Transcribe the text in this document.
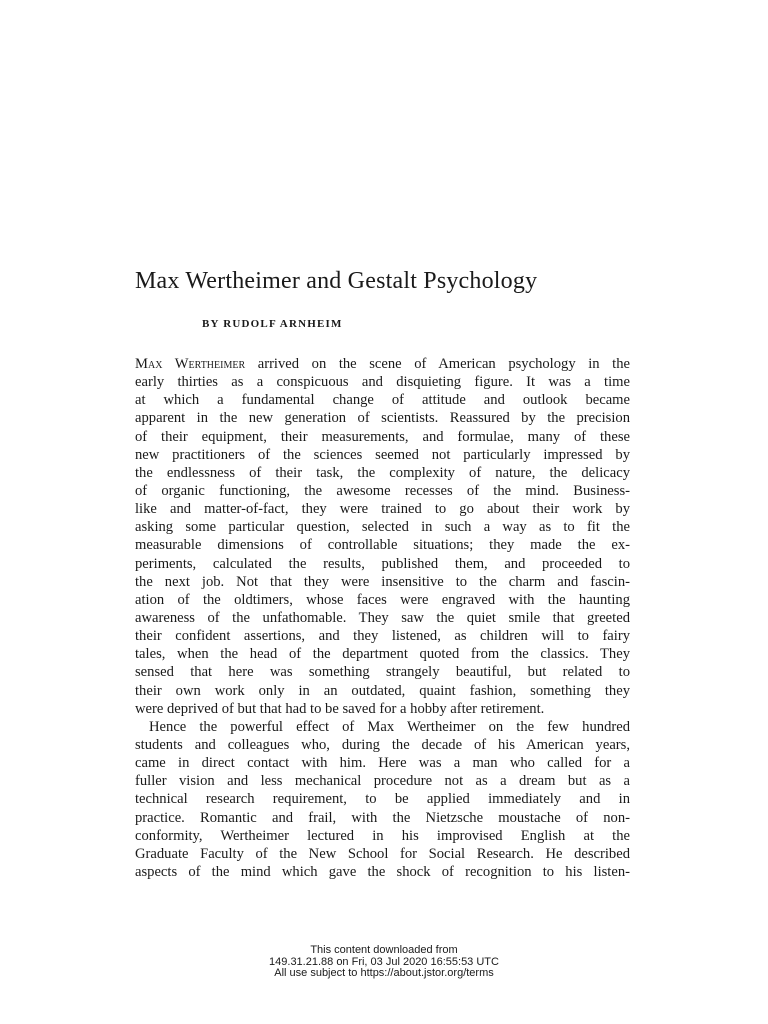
Max Wertheimer and Gestalt Psychology
BY RUDOLF ARNHEIM
Max Wertheimer arrived on the scene of American psychology in the
early thirties as a conspicuous and disquieting figure. It was a time
at which a fundamental change of attitude and outlook became
apparent in the new generation of scientists. Reassured by the precision
of their equipment, their measurements, and formulae, many of these
new practitioners of the sciences seemed not particularly impressed by
the endlessness of their task, the complexity of nature, the delicacy
of organic functioning, the awesome recesses of the mind. Business-
like and matter-of-fact, they were trained to go about their work by
asking some particular question, selected in such a way as to fit the
measurable dimensions of controllable situations; they made the ex-
periments, calculated the results, published them, and proceeded to
the next job. Not that they were insensitive to the charm and fascin-
ation of the oldtimers, whose faces were engraved with the haunting
awareness of the unfathomable. They saw the quiet smile that greeted
their confident assertions, and they listened, as children will to fairy
tales, when the head of the department quoted from the classics. They
sensed that here was something strangely beautiful, but related to
their own work only in an outdated, quaint fashion, something they
were deprived of but that had to be saved for a hobby after retirement.
Hence the powerful effect of Max Wertheimer on the few hundred
students and colleagues who, during the decade of his American years,
came in direct contact with him. Here was a man who called for a
fuller vision and less mechanical procedure not as a dream but as a
technical research requirement, to be applied immediately and in
practice. Romantic and frail, with the Nietzsche moustache of non-
conformity, Wertheimer lectured in his improvised English at the
Graduate Faculty of the New School for Social Research. He described
aspects of the mind which gave the shock of recognition to his listen-
This content downloaded from
149.31.21.88 on Fri, 03 Jul 2020 16:55:53 UTC
All use subject to https://about.jstor.org/terms
